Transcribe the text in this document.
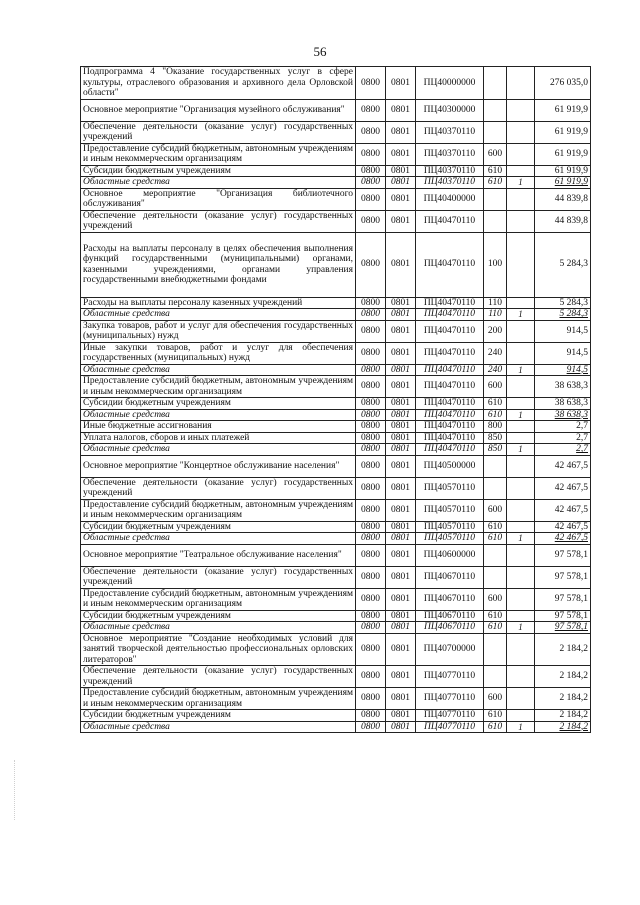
56
Подпрограмма 4 "Оказание государственных услуг в сфере культуры, отраслевого образования и архивного дела Орловской области"	0800	0801	ПЦ40000000			276 035,0
Основное мероприятие "Организация музейного обслуживания"	0800	0801	ПЦ40300000			61 919,9
Обеспечение деятельности (оказание услуг) государственных учреждений	0800	0801	ПЦ40370110			61 919,9
Предоставление субсидий бюджетным, автономным учреждениям и иным некоммерческим организациям	0800	0801	ПЦ40370110	600		61 919,9
Субсидии бюджетным учреждениям	0800	0801	ПЦ40370110	610		61 919,9
Областные средства	0800	0801	ПЦ40370110	610	1	61 919,9
Основное мероприятие "Организация библиотечного обслуживания"	0800	0801	ПЦ40400000			44 839,8
Обеспечение деятельности (оказание услуг) государственных учреждений	0800	0801	ПЦ40470110			44 839,8
Расходы на выплаты персоналу в целях обеспечения выполнения функций государственными (муниципальными) органами, казенными учреждениями, органами управления государственными внебюджетными фондами	0800	0801	ПЦ40470110	100		5 284,3
Расходы на выплаты персоналу казенных учреждений	0800	0801	ПЦ40470110	110		5 284,3
Областные средства	0800	0801	ПЦ40470110	110	1	5 284,3
Закупка товаров, работ и услуг для обеспечения государственных (муниципальных) нужд	0800	0801	ПЦ40470110	200		914,5
Иные закупки товаров, работ и услуг для обеспечения государственных (муниципальных) нужд	0800	0801	ПЦ40470110	240		914,5
Областные средства	0800	0801	ПЦ40470110	240	1	914,5
Предоставление субсидий бюджетным, автономным учреждениям и иным некоммерческим организациям	0800	0801	ПЦ40470110	600		38 638,3
Субсидии бюджетным учреждениям	0800	0801	ПЦ40470110	610		38 638,3
Областные средства	0800	0801	ПЦ40470110	610	1	38 638,3
Иные бюджетные ассигнования	0800	0801	ПЦ40470110	800		2,7
Уплата налогов, сборов и иных платежей	0800	0801	ПЦ40470110	850		2,7
Областные средства	0800	0801	ПЦ40470110	850	1	2,7
Основное мероприятие "Концертное обслуживание населения"	0800	0801	ПЦ40500000			42 467,5
Обеспечение деятельности (оказание услуг) государственных учреждений	0800	0801	ПЦ40570110			42 467,5
Предоставление субсидий бюджетным, автономным учреждениям и иным некоммерческим организациям	0800	0801	ПЦ40570110	600		42 467,5
Субсидии бюджетным учреждениям	0800	0801	ПЦ40570110	610		42 467,5
Областные средства	0800	0801	ПЦ40570110	610	1	42 467,5
Основное мероприятие "Театральное обслуживание населения"	0800	0801	ПЦ40600000			97 578,1
Обеспечение деятельности (оказание услуг) государственных учреждений	0800	0801	ПЦ40670110			97 578,1
Предоставление субсидий бюджетным, автономным учреждениям и иным некоммерческим организациям	0800	0801	ПЦ40670110	600		97 578,1
Субсидии бюджетным учреждениям	0800	0801	ПЦ40670110	610		97 578,1
Областные средства	0800	0801	ПЦ40670110	610	1	97 578,1
Основное мероприятие "Создание необходимых условий для занятий творческой деятельностью профессиональных орловских литераторов"	0800	0801	ПЦ40700000			2 184,2
Обеспечение деятельности (оказание услуг) государственных учреждений	0800	0801	ПЦ40770110			2 184,2
Предоставление субсидий бюджетным, автономным учреждениям и иным некоммерческим организациям	0800	0801	ПЦ40770110	600		2 184,2
Субсидии бюджетным учреждениям	0800	0801	ПЦ40770110	610		2 184,2
Областные средства	0800	0801	ПЦ40770110	610	1	2 184,2
